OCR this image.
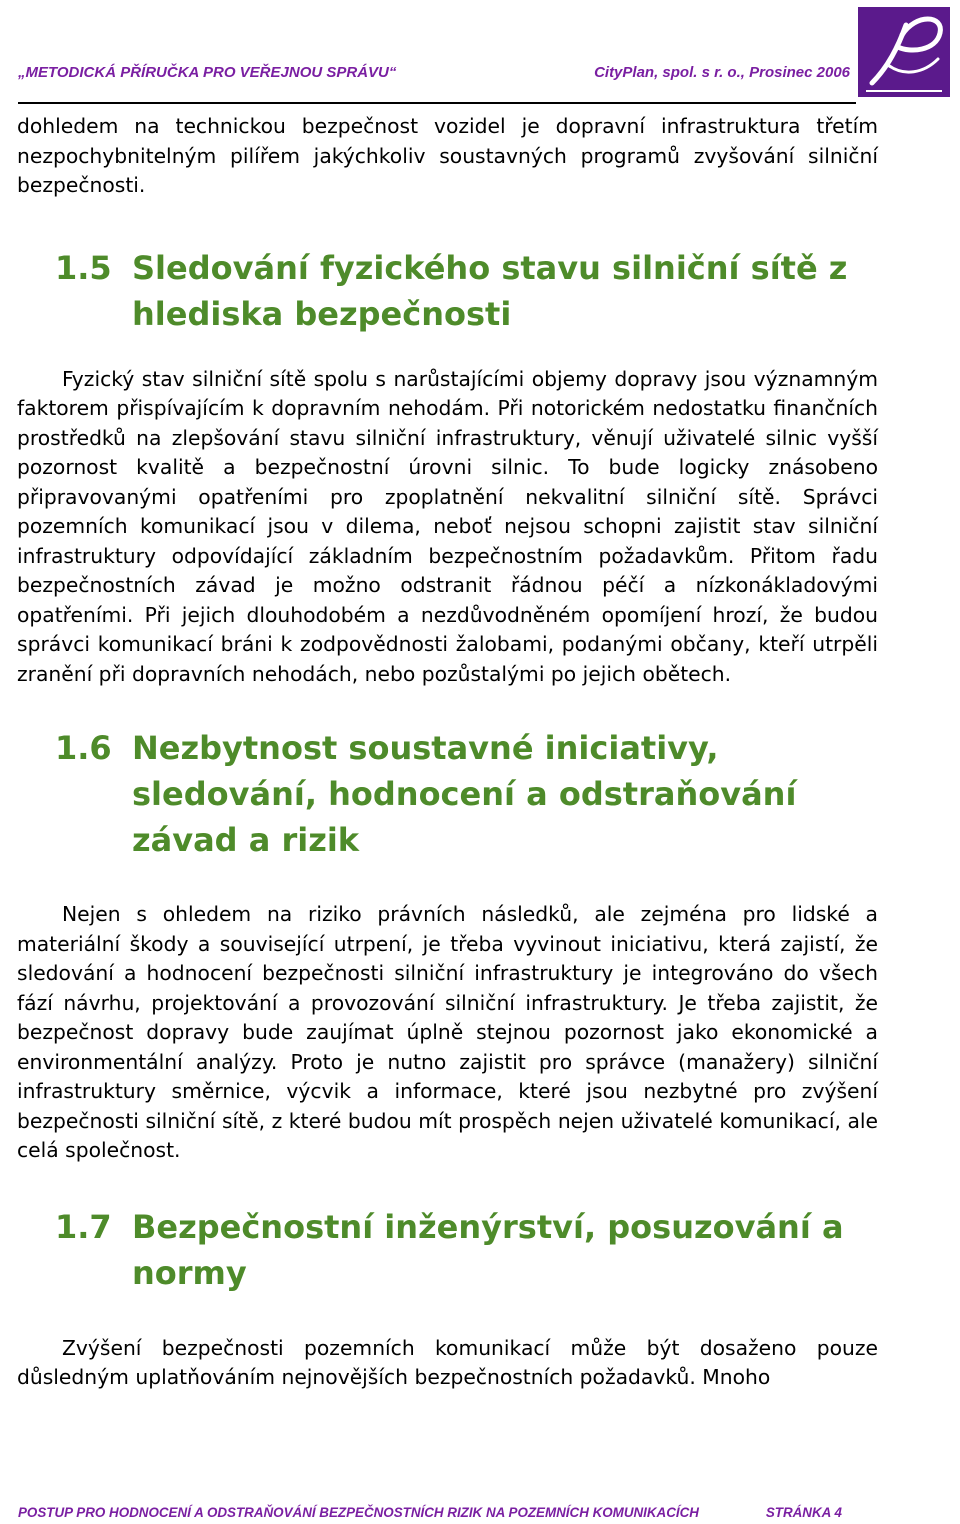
„METODICKÁ PŘÍRUČKA PRO VEŘEJNOU SPRÁVU“	CityPlan, spol. s r. o., Prosinec 2006

dohledem na technickou bezpečnost vozidel je dopravní infrastruktura třetím nezpochybnitelným pilířem jakýchkoliv soustavných programů zvyšování silniční bezpečnosti.

1.5 Sledování fyzického stavu silniční sítě z hlediska bezpečnosti

Fyzický stav silniční sítě spolu s narůstajícími objemy dopravy jsou významným faktorem přispívajícím k dopravním nehodám. Při notorickém nedostatku finančních prostředků na zlepšování stavu silniční infrastruktury, věnují uživatelé silnic vyšší pozornost kvalitě a bezpečnostní úrovni silnic. To bude logicky znásobeno připravovanými opatřeními pro zpoplatnění nekvalitní silniční sítě. Správci pozemních komunikací jsou v dilema, neboť nejsou schopni zajistit stav silniční infrastruktury odpovídající základním bezpečnostním požadavkům. Přitom řadu bezpečnostních závad je možno odstranit řádnou péčí a nízkonákladovými opatřeními. Při jejich dlouhodobém a nezdůvodněném opomíjení hrozí, že budou správci komunikací bráni k zodpovědnosti žalobami, podanými občany, kteří utrpěli zranění při dopravních nehodách, nebo pozůstalými po jejich obětech.

1.6 Nezbytnost soustavné iniciativy, sledování, hodnocení a odstraňování závad a rizik

Nejen s ohledem na riziko právních následků, ale zejména pro lidské a materiální škody a související utrpení, je třeba vyvinout iniciativu, která zajistí, že sledování a hodnocení bezpečnosti silniční infrastruktury je integrováno do všech fází návrhu, projektování a provozování silniční infrastruktury. Je třeba zajistit, že bezpečnost dopravy bude zaujímat úplně stejnou pozornost jako ekonomické a environmentální analýzy. Proto je nutno zajistit pro správce (manažery) silniční infrastruktury směrnice, výcvik a informace, které jsou nezbytné pro zvýšení bezpečnosti silniční sítě, z které budou mít prospěch nejen uživatelé komunikací, ale celá společnost.

1.7 Bezpečnostní inženýrství, posuzování a normy

Zvýšení bezpečnosti pozemních komunikací může být dosaženo pouze důsledným uplatňováním nejnovějších bezpečnostních požadavků. Mnoho

POSTUP PRO HODNOCENÍ A ODSTRAŇOVÁNÍ BEZPEČNOSTNÍCH RIZIK NA POZEMNÍCH KOMUNIKACÍCH	STRÁNKA 4
